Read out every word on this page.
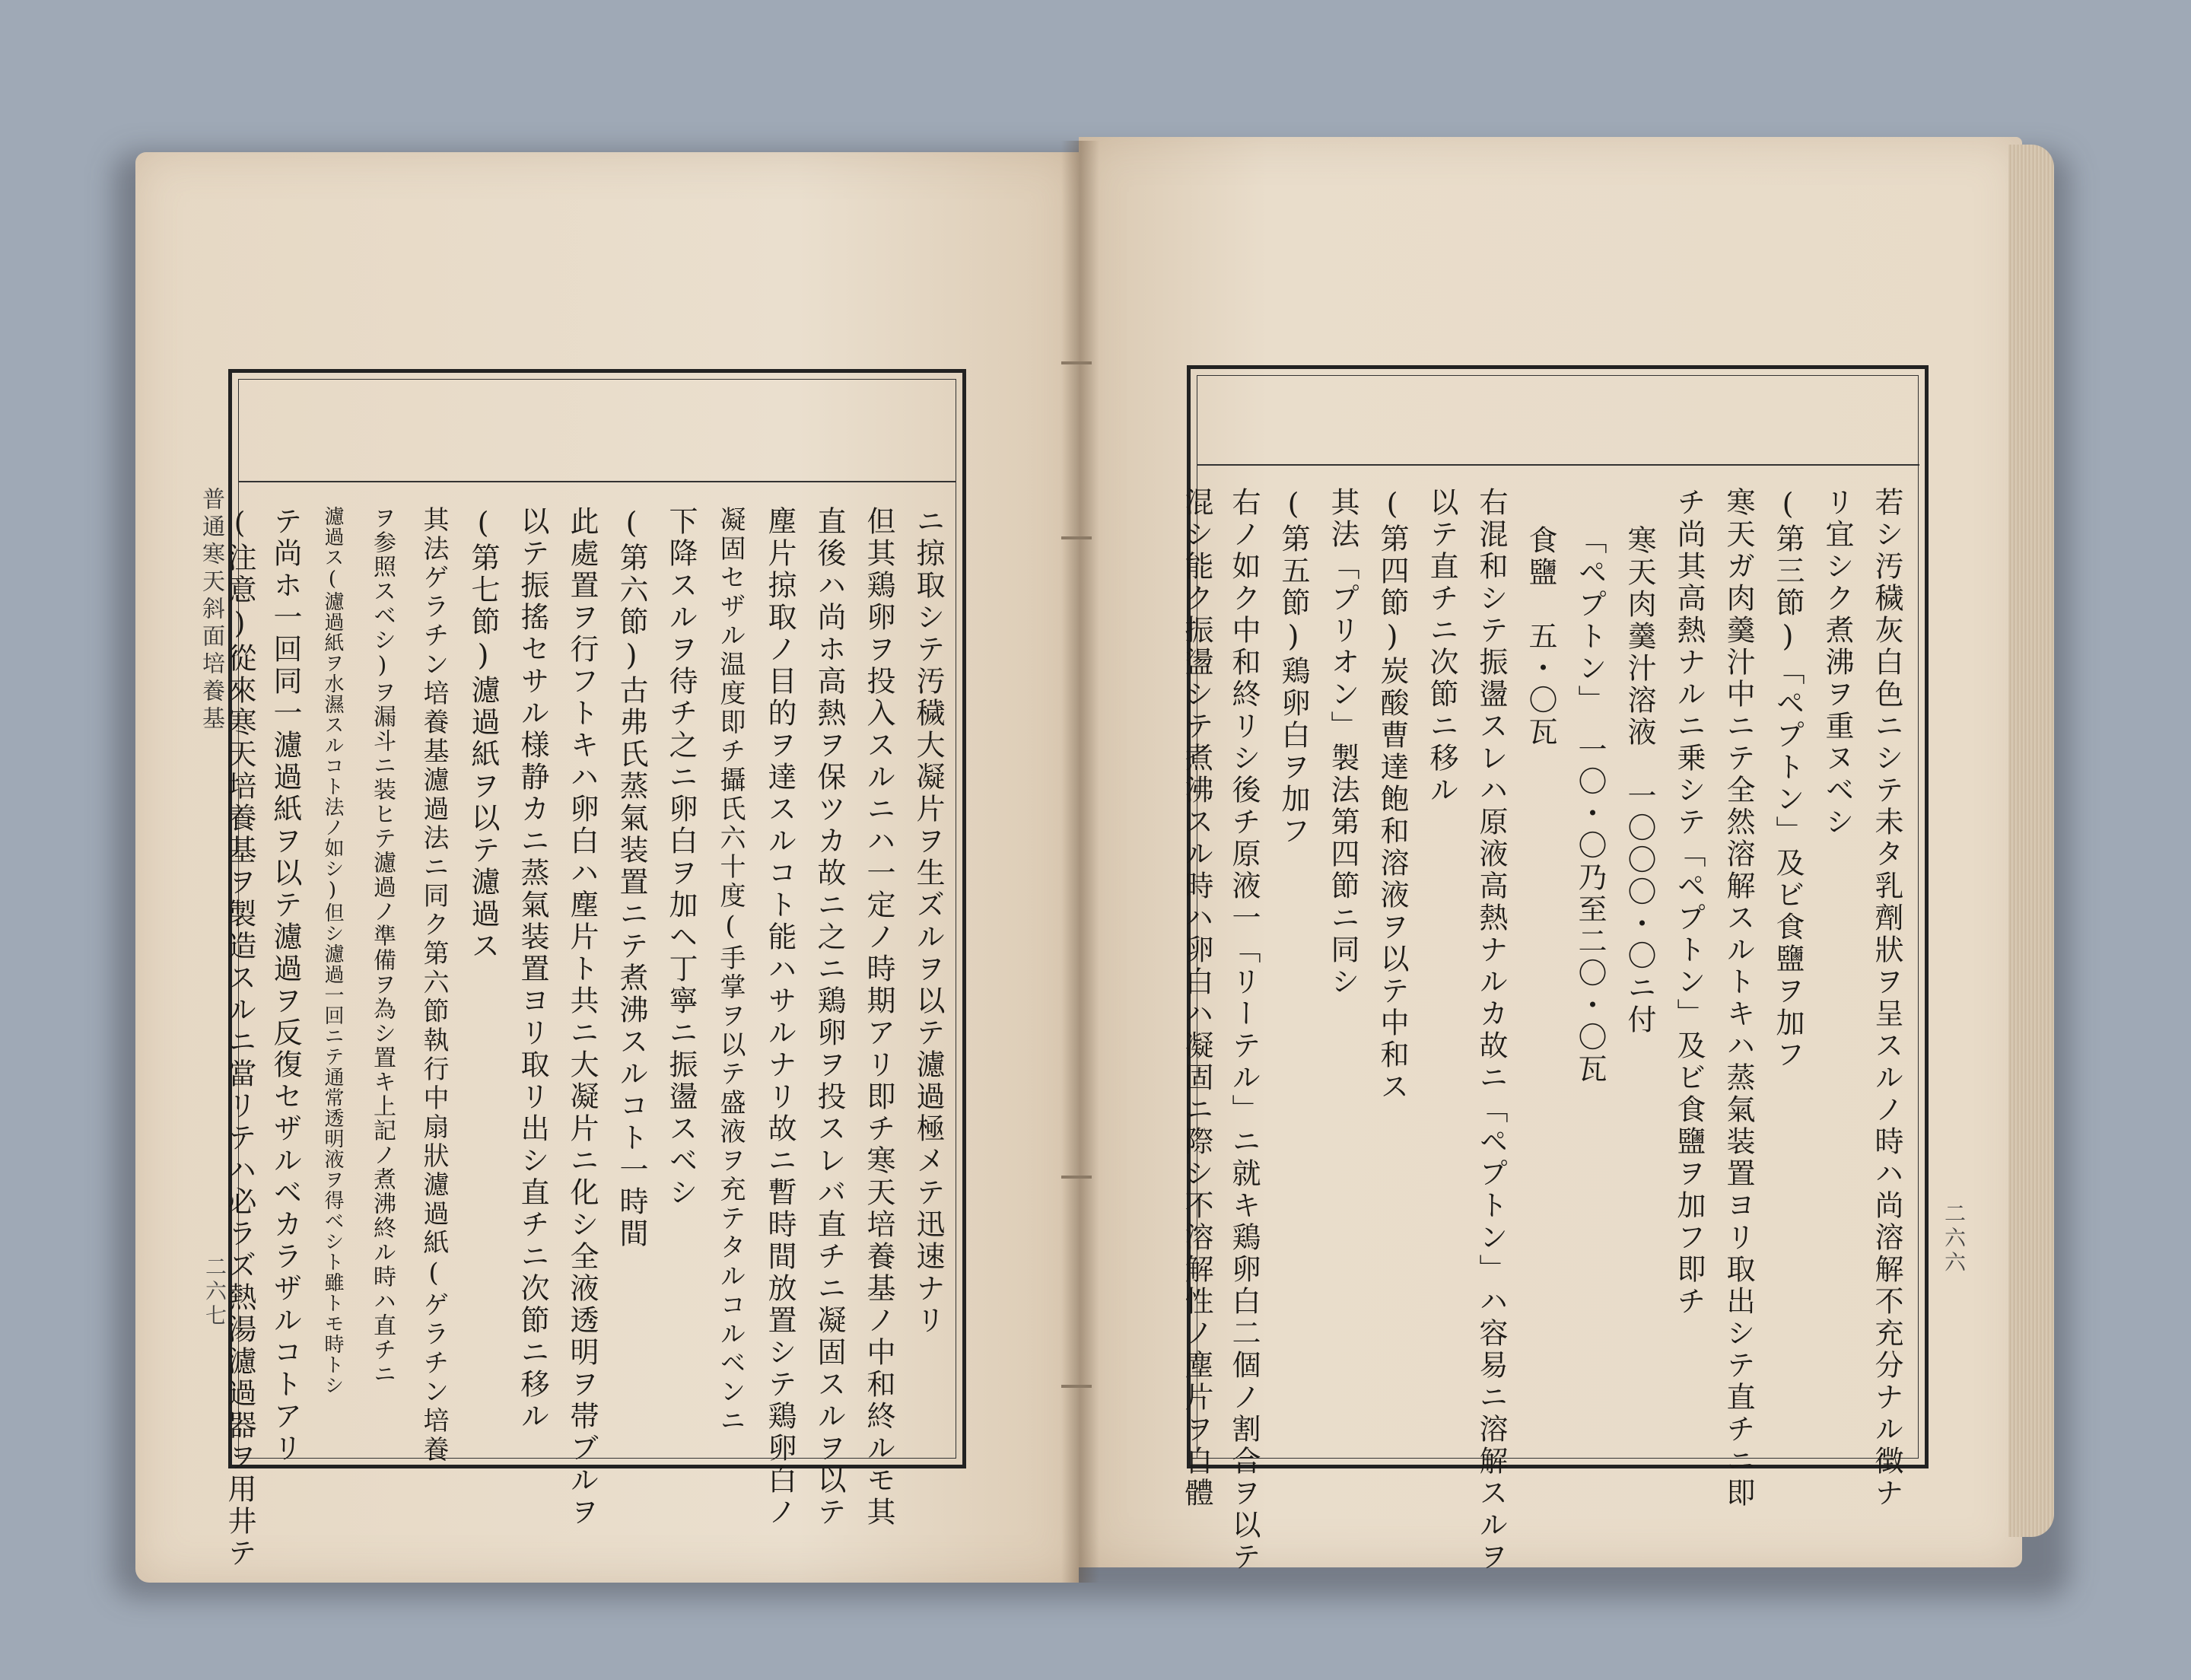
普通寒天斜面培養基
二六七
二六六
ニ掠取シテ汚穢大凝片ヲ生ズルヲ以テ濾過極メテ迅速ナリ
但其鶏卵ヲ投入スルニハ一定ノ時期アリ即チ寒天培養基ノ中和終ルモ其
直後ハ尚ホ高熱ヲ保ツカ故ニ之ニ鶏卵ヲ投スレバ直チニ凝固スルヲ以テ
塵片掠取ノ目的ヲ達スルコト能ハサルナリ故ニ暫時間放置シテ鶏卵白ノ
凝固セザル温度即チ攝氏六十度(手掌ヲ以テ盛液ヲ充テタルコルベンニ
下降スルヲ待チ之ニ卵白ヲ加ヘ丁寧ニ振盪スベシ
(第六節)古弗氏蒸氣装置ニテ煮沸スルコト一時間
此處置ヲ行フトキハ卵白ハ塵片ト共ニ大凝片ニ化シ全液透明ヲ帯ブルヲ
以テ振搖セサル様静カニ蒸氣装置ヨリ取リ出シ直チニ次節ニ移ル
(第七節)濾過紙ヲ以テ濾過ス
其法ゲラチン培養基濾過法ニ同ク第六節執行中扇狀濾過紙(ゲラチン培養
ヲ参照スベシ)ヲ漏斗ニ装ヒテ濾過ノ準備ヲ為シ置キ上記ノ煮沸終ル時ハ直チニ
濾過ス(濾過紙ヲ水濕スルコト法ノ如シ)但シ濾過一回ニテ通常透明液ヲ得ベシト雖トモ時トシ
テ尚ホ一回同一濾過紙ヲ以テ濾過ヲ反復セザルベカラザルコトアリ
(注意)從來寒天培養基ヲ製造スルニ當リテハ必ラズ熱湯濾過器ヲ用井テ	若シ汚穢灰白色ニシテ未タ乳劑狀ヲ呈スルノ時ハ尚溶解不充分ナル徴ナ
リ宜シク煮沸ヲ重ヌベシ
(第三節)「ペプトン」及ビ食鹽ヲ加フ
寒天ガ肉羹汁中ニテ全然溶解スルトキハ蒸氣装置ヨリ取出シテ直チニ即
チ尚其高熱ナルニ乗シテ「ペプトン」及ビ食鹽ヲ加フ即チ
寒天肉羹汁溶液　一〇〇〇・〇ニ付
「ペプトン」　一〇・〇乃至二〇・〇瓦
食鹽　五・〇瓦
右混和シテ振盪スレハ原液高熱ナルカ故ニ「ペプトン」ハ容易ニ溶解スルヲ
以テ直チニ次節ニ移ル
(第四節)炭酸曹達飽和溶液ヲ以テ中和ス
其法「プリオン」製法第四節ニ同シ
(第五節)鶏卵白ヲ加フ
右ノ如ク中和終リシ後チ原液一「リーテル」ニ就キ鶏卵白二個ノ割合ヲ以テ
混シ能ク振盪シテ煮沸スル時ハ卵白ハ凝固ニ際シ不溶解性ノ塵片ヲ自體
